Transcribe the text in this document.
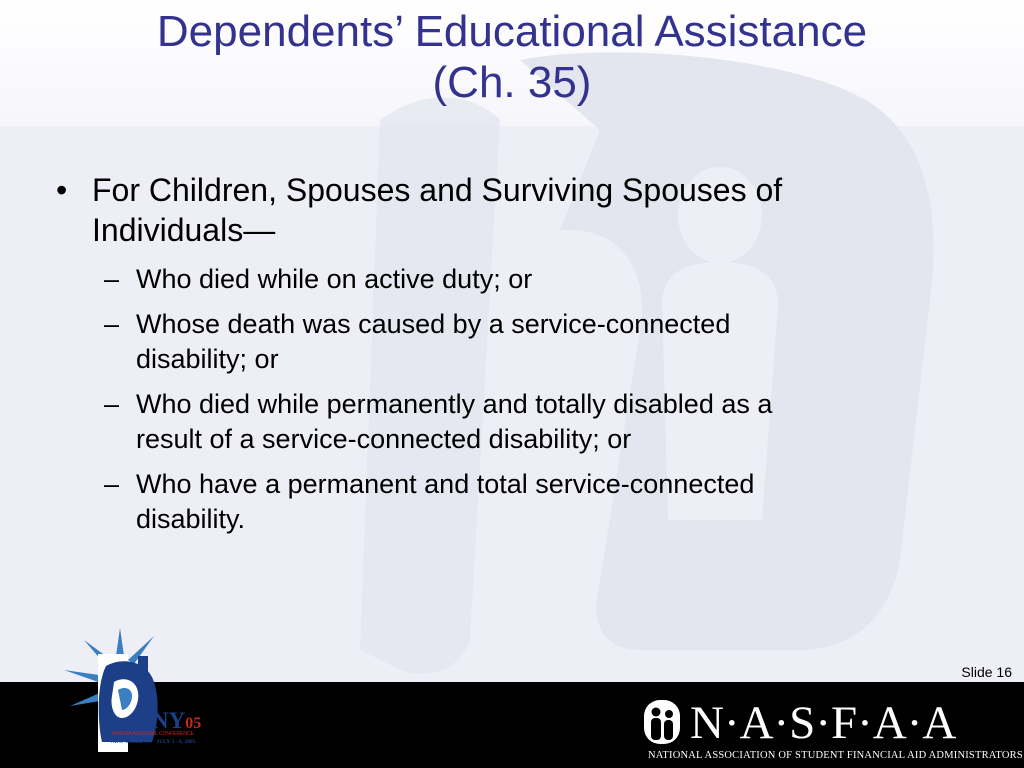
Dependents’ Educational Assistance
(Ch. 35)
• For Children, Spouses and Surviving Spouses of
Individuals—
– Who died while on active duty; or
– Whose death was caused by a service-connected
disability; or
– Who died while permanently and totally disabled as a
result of a service-connected disability; or
– Who have a permanent and total service-connected
disability.
Slide 16
NY05
NASFAA NATIONAL CONFERENCE
NEW YORK, NY · JULY 3 - 6, 2005	N·A·S·F·A·A
NATIONAL ASSOCIATION OF STUDENT FINANCIAL AID ADMINISTRATORS
